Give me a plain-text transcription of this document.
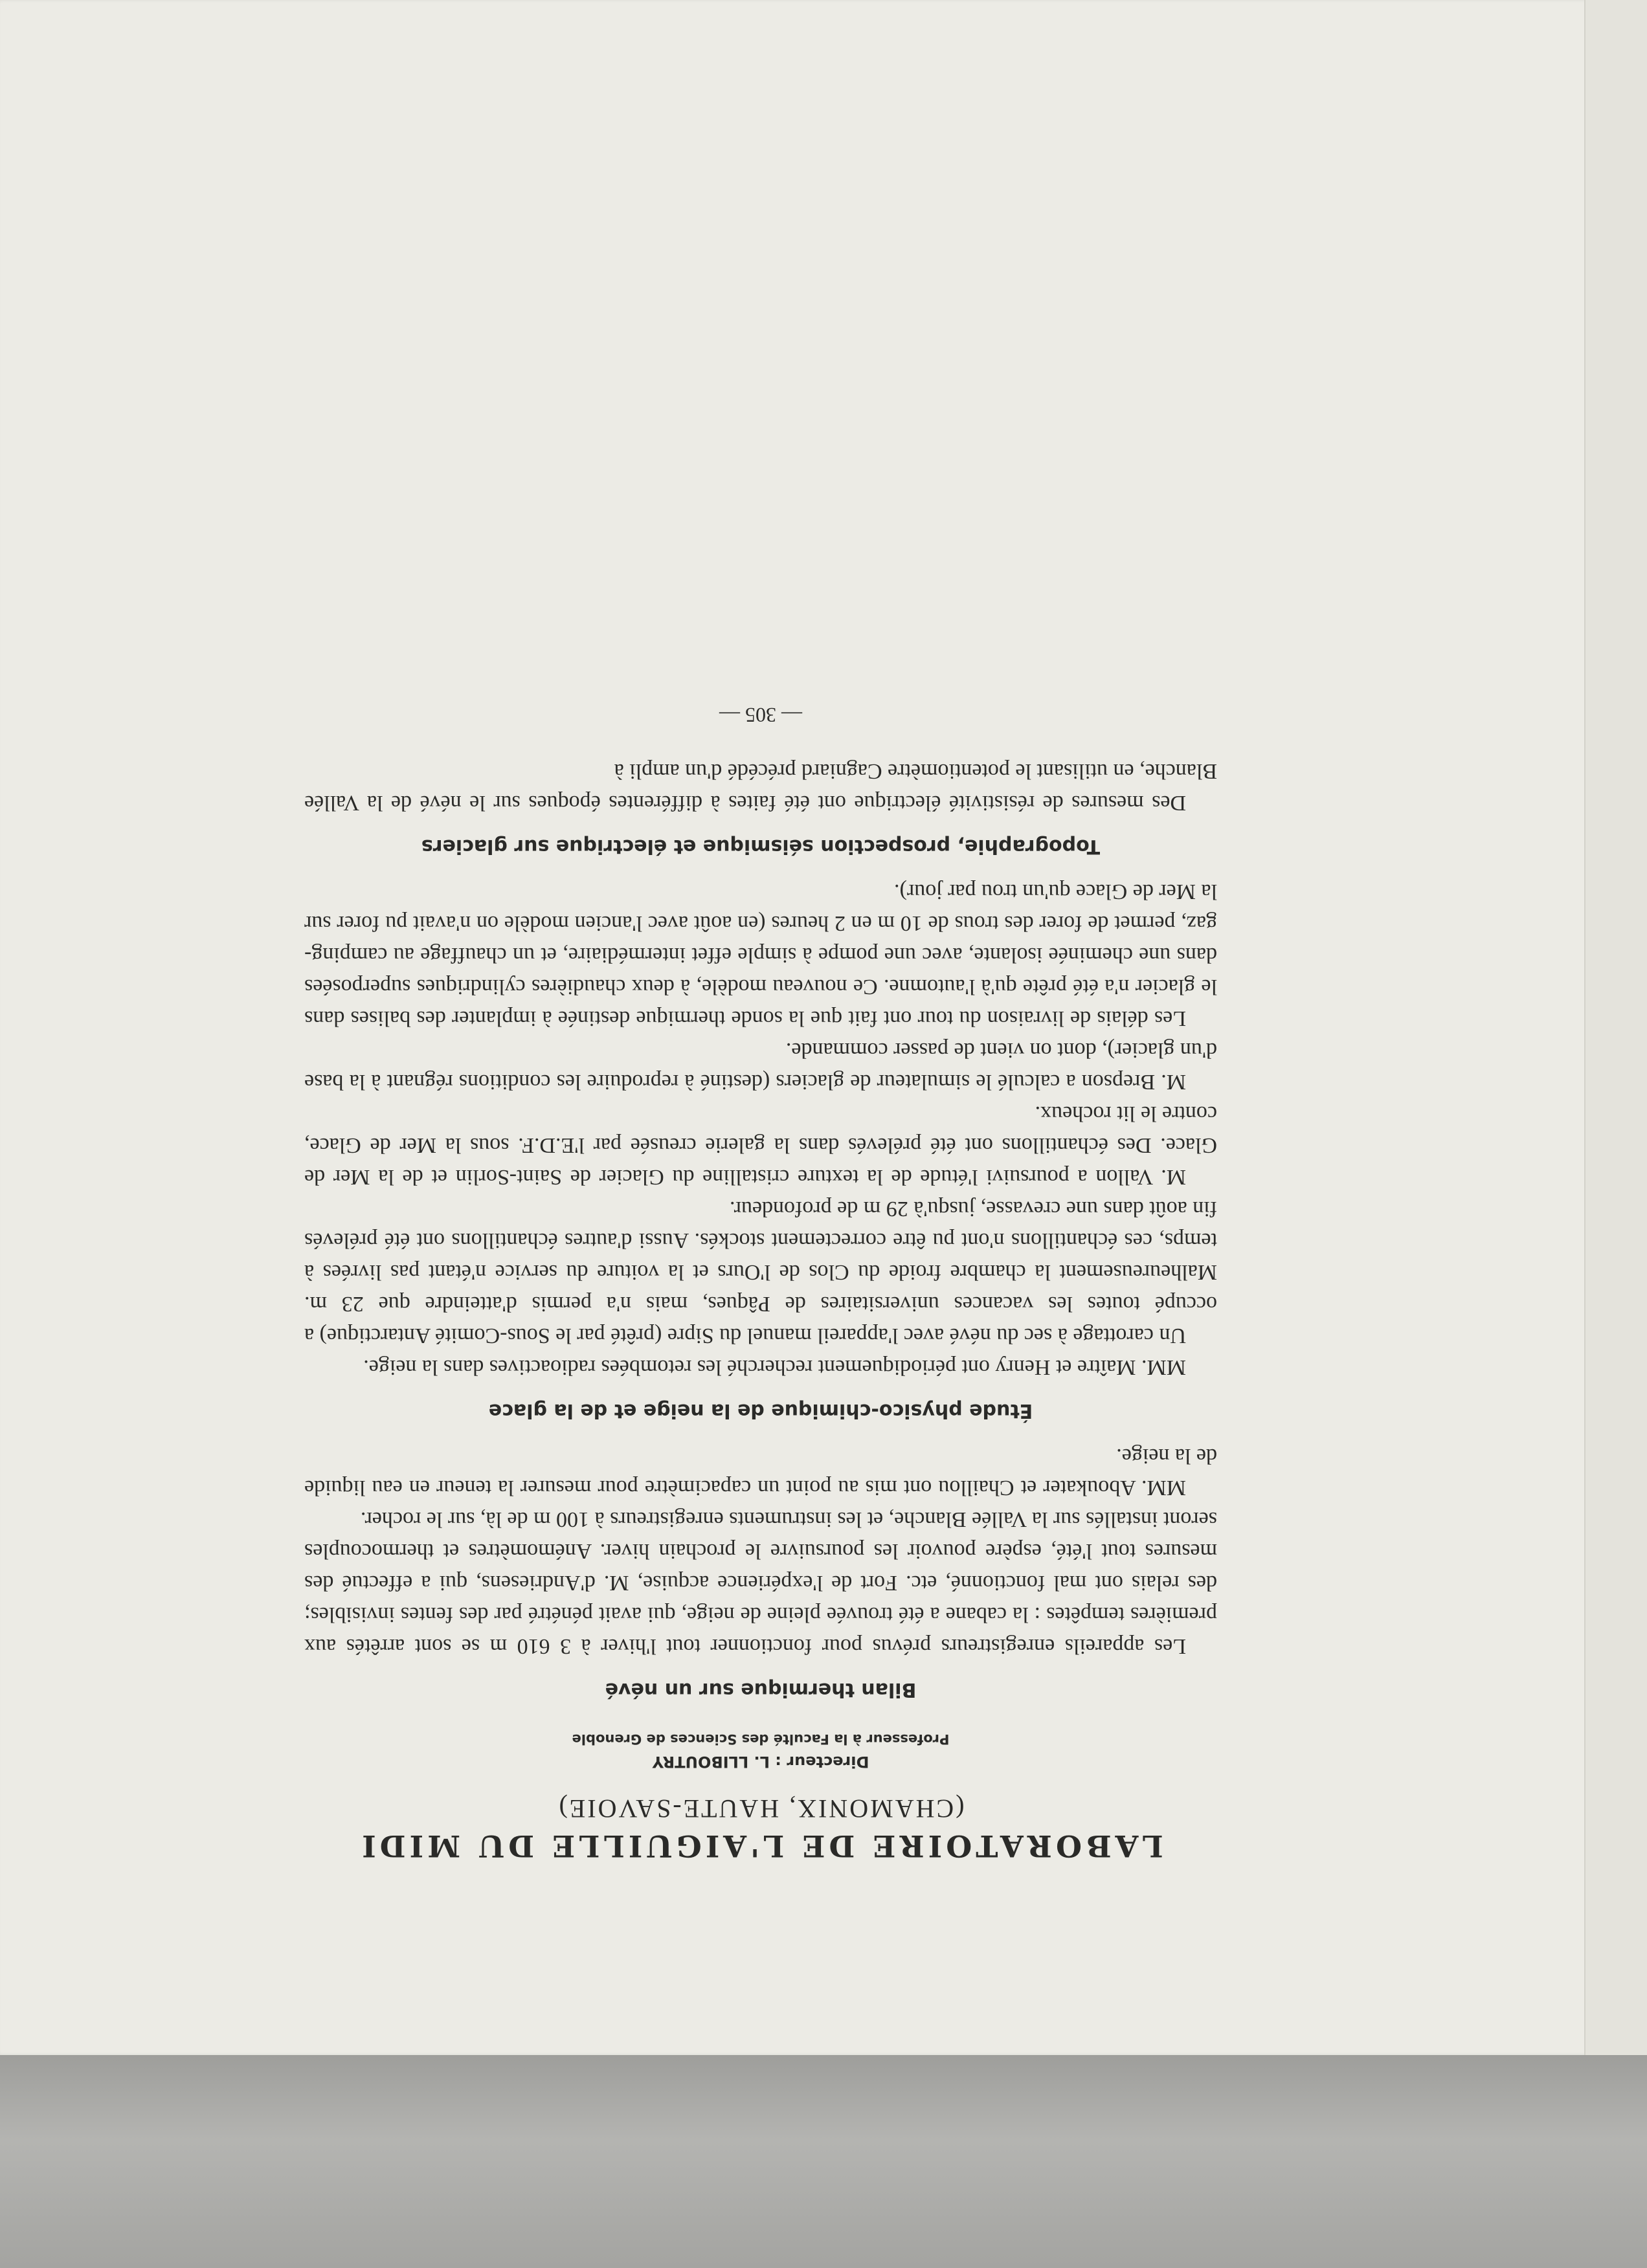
LABORATOIRE DE L'AIGUILLE DU MIDI
(CHAMONIX, HAUTE-SAVOIE)
Directeur : L. LLIBOUTRY
Professeur à la Faculté des Sciences de Grenoble
Bilan thermique sur un névé

Les appareils enregistreurs prévus pour fonctionner tout l'hiver à 3 610 m se sont arrêtés aux premières tempêtes : la cabane a été trouvée pleine de neige, qui avait pénétré par des fentes invisibles; des relais ont mal fonctionné, etc. Fort de l'expérience acquise, M. d'Andriesens, qui a effectué des mesures tout l'été, espère pouvoir les poursuivre le prochain hiver. Anémomètres et thermocouples seront installés sur la Vallée Blanche, et les instruments enregistreurs à 100 m de là, sur le rocher.

MM. Aboukater et Chaillou ont mis au point un capacimètre pour mesurer la teneur en eau liquide de la neige.

Étude physico-chimique de la neige et de la glace

MM. Maître et Henry ont périodiquement recherché les retombées radioactives dans la neige.

Un carottage à sec du névé avec l'appareil manuel du Sipre (prêté par le Sous-Comité Antarctique) a occupé toutes les vacances universitaires de Pâques, mais n'a permis d'atteindre que 23 m. Malheureusement la chambre froide du Clos de l'Ours et la voiture du service n'étant pas livrées à temps, ces échantillons n'ont pu être correctement stockés. Aussi d'autres échantillons ont été prélevés fin août dans une crevasse, jusqu'à 29 m de profondeur.

M. Vallon a poursuivi l'étude de la texture cristalline du Glacier de Saint-Sorlin et de la Mer de Glace. Des échantillons ont été prélevés dans la galerie creusée par l'E.D.F. sous la Mer de Glace, contre le lit rocheux.

M. Brepson a calculé le simulateur de glaciers (destiné à reproduire les conditions régnant à la base d'un glacier), dont on vient de passer commande.

Les délais de livraison du tour ont fait que la sonde thermique destinée à implanter des balises dans le glacier n'a été prête qu'à l'automne. Ce nouveau modèle, à deux chaudières cylindriques superposées dans une cheminée isolante, avec une pompe à simple effet intermédiaire, et un chauffage au camping-gaz, permet de forer des trous de 10 m en 2 heures (en août avec l'ancien modèle on n'avait pu forer sur la Mer de Glace qu'un trou par jour).

Topographie, prospection séismique et électrique sur glaciers

Des mesures de résistivité électrique ont été faites à différentes époques sur le névé de la Vallée Blanche, en utilisant le potentiomètre Cagniard précédé d'un ampli à

— 305 —
